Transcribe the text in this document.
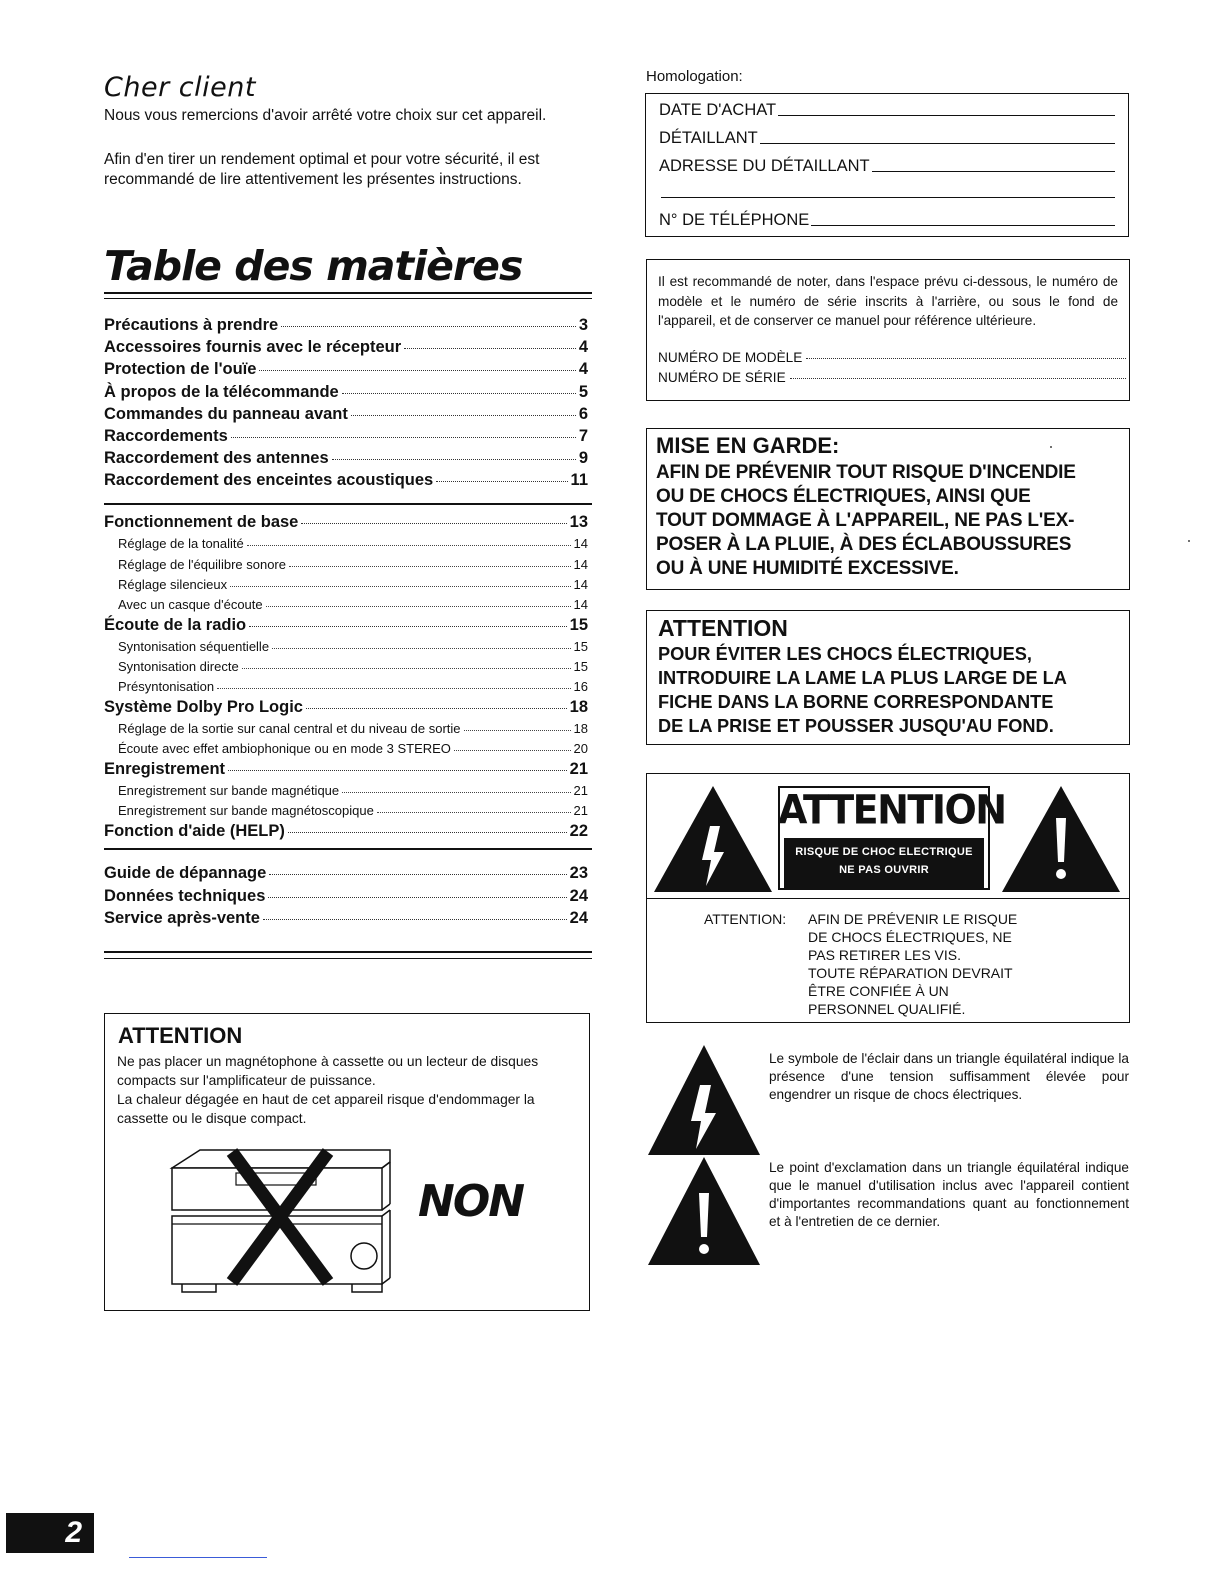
Cher client
Nous vous remercions d'avoir arrêté votre choix sur cet appareil.
Afin d'en tirer un rendement optimal et pour votre sécurité, il est recommandé de lire attentivement les présentes instructions.
Table des matières
Précautions à prendre	3
Accessoires fournis avec le récepteur	4
Protection de l'ouïe	4
À propos de la télécommande	5
Commandes du panneau avant	6
Raccordements	7
Raccordement des antennes	9
Raccordement des enceintes acoustiques	11
Fonctionnement de base	13
Réglage de la tonalité	14
Réglage de l'équilibre sonore	14
Réglage silencieux	14
Avec un casque d'écoute	14
Écoute de la radio	15
Syntonisation séquentielle	15
Syntonisation directe	15
Présyntonisation	16
Système Dolby Pro Logic	18
Réglage de la sortie sur canal central et du niveau de sortie	18
Écoute avec effet ambiophonique ou en mode 3 STEREO	20
Enregistrement	21
Enregistrement sur bande magnétique	21
Enregistrement sur bande magnétoscopique	21
Fonction d'aide (HELP)	22
Guide de dépannage	23
Données techniques	24
Service après-vente	24
ATTENTION
Ne pas placer un magnétophone à cassette ou un lecteur de disques compacts sur l'amplificateur de puissance.
La chaleur dégagée en haut de cet appareil risque d'endommager la cassette ou le disque compact.
NON
Homologation:
DATE D'ACHAT
DÉTAILLANT
ADRESSE DU DÉTAILLANT
N° DE TÉLÉPHONE
Il est recommandé de noter, dans l'espace prévu ci-dessous, le numéro de modèle et le numéro de série inscrits à l'arrière, ou sous le fond de l'appareil, et de conserver ce manuel pour référence ultérieure.
NUMÉRO DE MODÈLE
NUMÉRO DE SÉRIE
MISE EN GARDE:
AFIN DE PRÉVENIR TOUT RISQUE D'INCENDIE
OU DE CHOCS ÉLECTRIQUES, AINSI QUE
TOUT DOMMAGE À L'APPAREIL, NE PAS L'EX-
POSER À LA PLUIE, À DES ÉCLABOUSSURES
OU À UNE HUMIDITÉ EXCESSIVE.
ATTENTION
POUR ÉVITER LES CHOCS ÉLECTRIQUES,
INTRODUIRE LA LAME LA PLUS LARGE DE LA
FICHE DANS LA BORNE CORRESPONDANTE
DE LA PRISE ET POUSSER JUSQU'AU FOND.
ATTENTION
RISQUE DE CHOC ELECTRIQUE
NE PAS OUVRIR
ATTENTION: AFIN DE PRÉVENIR LE RISQUE
DE CHOCS ÉLECTRIQUES, NE
PAS RETIRER LES VIS.
TOUTE RÉPARATION DEVRAIT
ÊTRE CONFIÉE À UN
PERSONNEL QUALIFIÉ.
Le symbole de l'éclair dans un triangle équilatéral indique la présence d'une tension suffisamment élevée pour engendrer un risque de chocs électriques.
Le point d'exclamation dans un triangle équilatéral indique que le manuel d'utilisation inclus avec l'appareil contient d'importantes recommandations quant au fonctionnement et à l'entretien de ce dernier.
2
